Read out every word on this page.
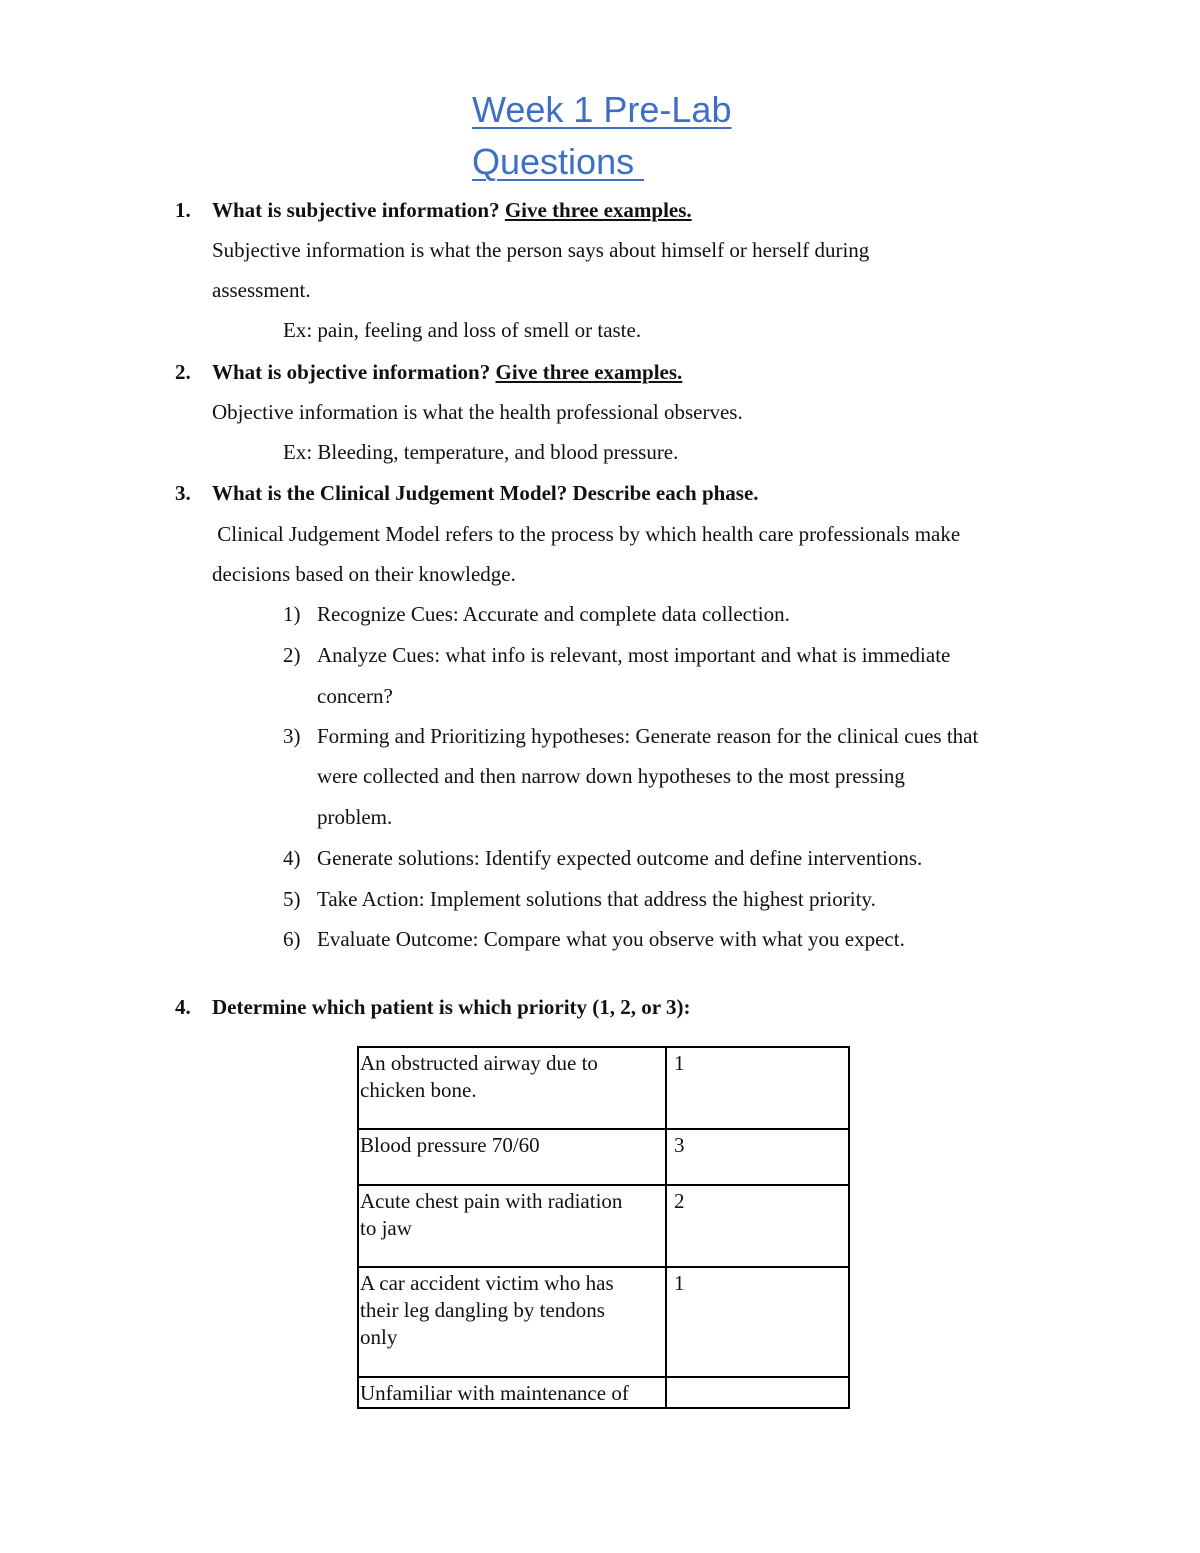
Week 1 Pre-Lab
Questions
1. What is subjective information? Give three examples.
Subjective information is what the person says about himself or herself during
assessment.
Ex: pain, feeling and loss of smell or taste.
2. What is objective information? Give three examples.
Objective information is what the health professional observes.
Ex: Bleeding, temperature, and blood pressure.
3. What is the Clinical Judgement Model? Describe each phase.
Clinical Judgement Model refers to the process by which health care professionals make
decisions based on their knowledge.
1) Recognize Cues: Accurate and complete data collection.
2) Analyze Cues: what info is relevant, most important and what is immediate
concern?
3) Forming and Prioritizing hypotheses: Generate reason for the clinical cues that
were collected and then narrow down hypotheses to the most pressing
problem.
4) Generate solutions: Identify expected outcome and define interventions.
5) Take Action: Implement solutions that address the highest priority.
6) Evaluate Outcome: Compare what you observe with what you expect.
4. Determine which patient is which priority (1, 2, or 3):
An obstructed airway due to
chicken bone.	1

Blood pressure 70/60	3

Acute chest pain with radiation
to jaw	2

A car accident victim who has
their leg dangling by tendons
only	1

Unfamiliar with maintenance of	
